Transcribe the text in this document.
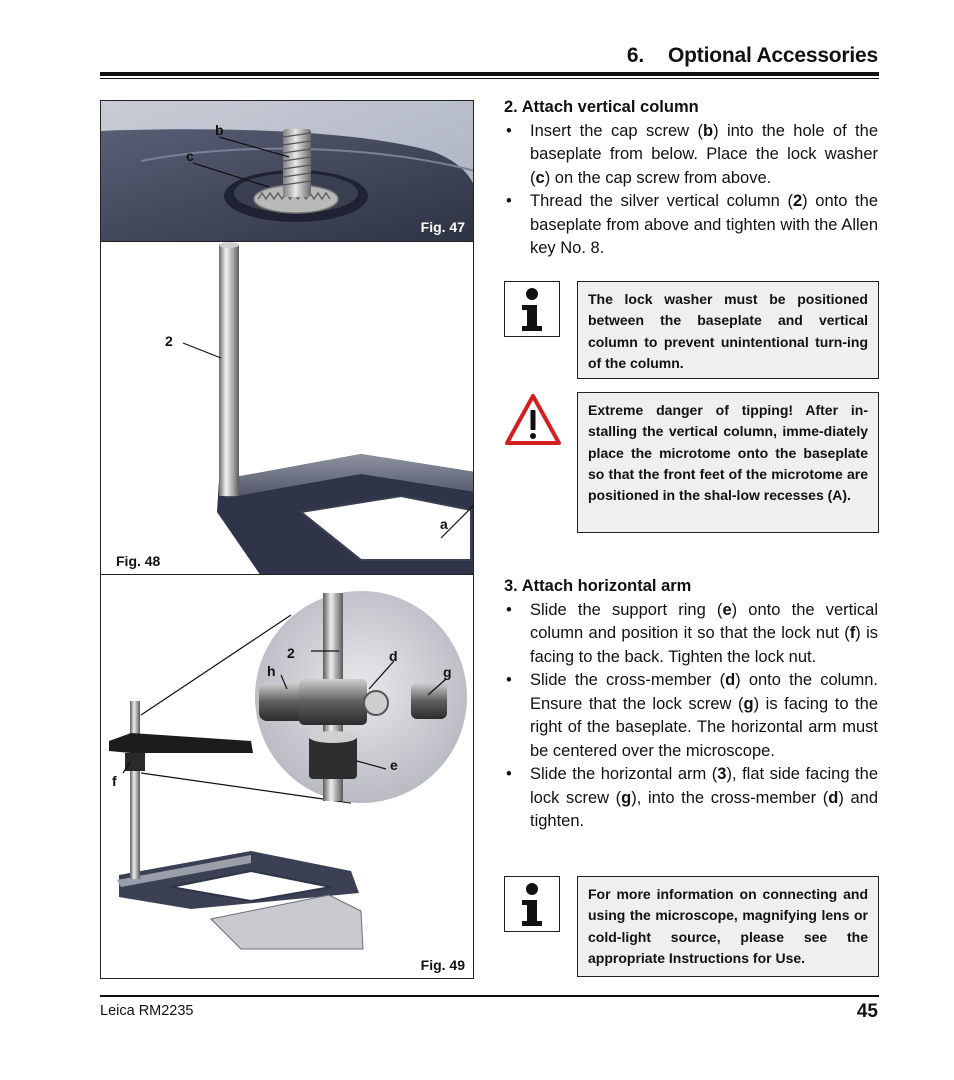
6. Optional Accessories
b
c
Fig. 47
2
a
Fig. 48
2	d
h	g
e
f
Fig. 49
2. Attach vertical column
• Insert the cap screw (b) into the hole of the baseplate from below. Place the lock washer (c) on the cap screw from above.
• Thread the silver vertical column (2) onto the baseplate from above and tighten with the Allen key No. 8.
The lock washer must be positioned between the baseplate and vertical column to prevent unintentional turn-ing of the column.
Extreme danger of tipping! After in-stalling the vertical column, imme-diately place the microtome onto the baseplate so that the front feet of the microtome are positioned in the shal-low recesses (A).
3. Attach horizontal arm
• Slide the support ring (e) onto the vertical column and position it so that the lock nut (f) is facing to the back. Tighten the lock nut.
• Slide the cross-member (d) onto the column. Ensure that the lock screw (g) is facing to the right of the baseplate. The horizontal arm must be centered over the microscope.
• Slide the horizontal arm (3), flat side facing the lock screw (g), into the cross-member (d) and tighten.
For more information on connecting and using the microscope, magnifying lens or cold-light source, please see the appropriate Instructions for Use.
Leica RM2235	45
